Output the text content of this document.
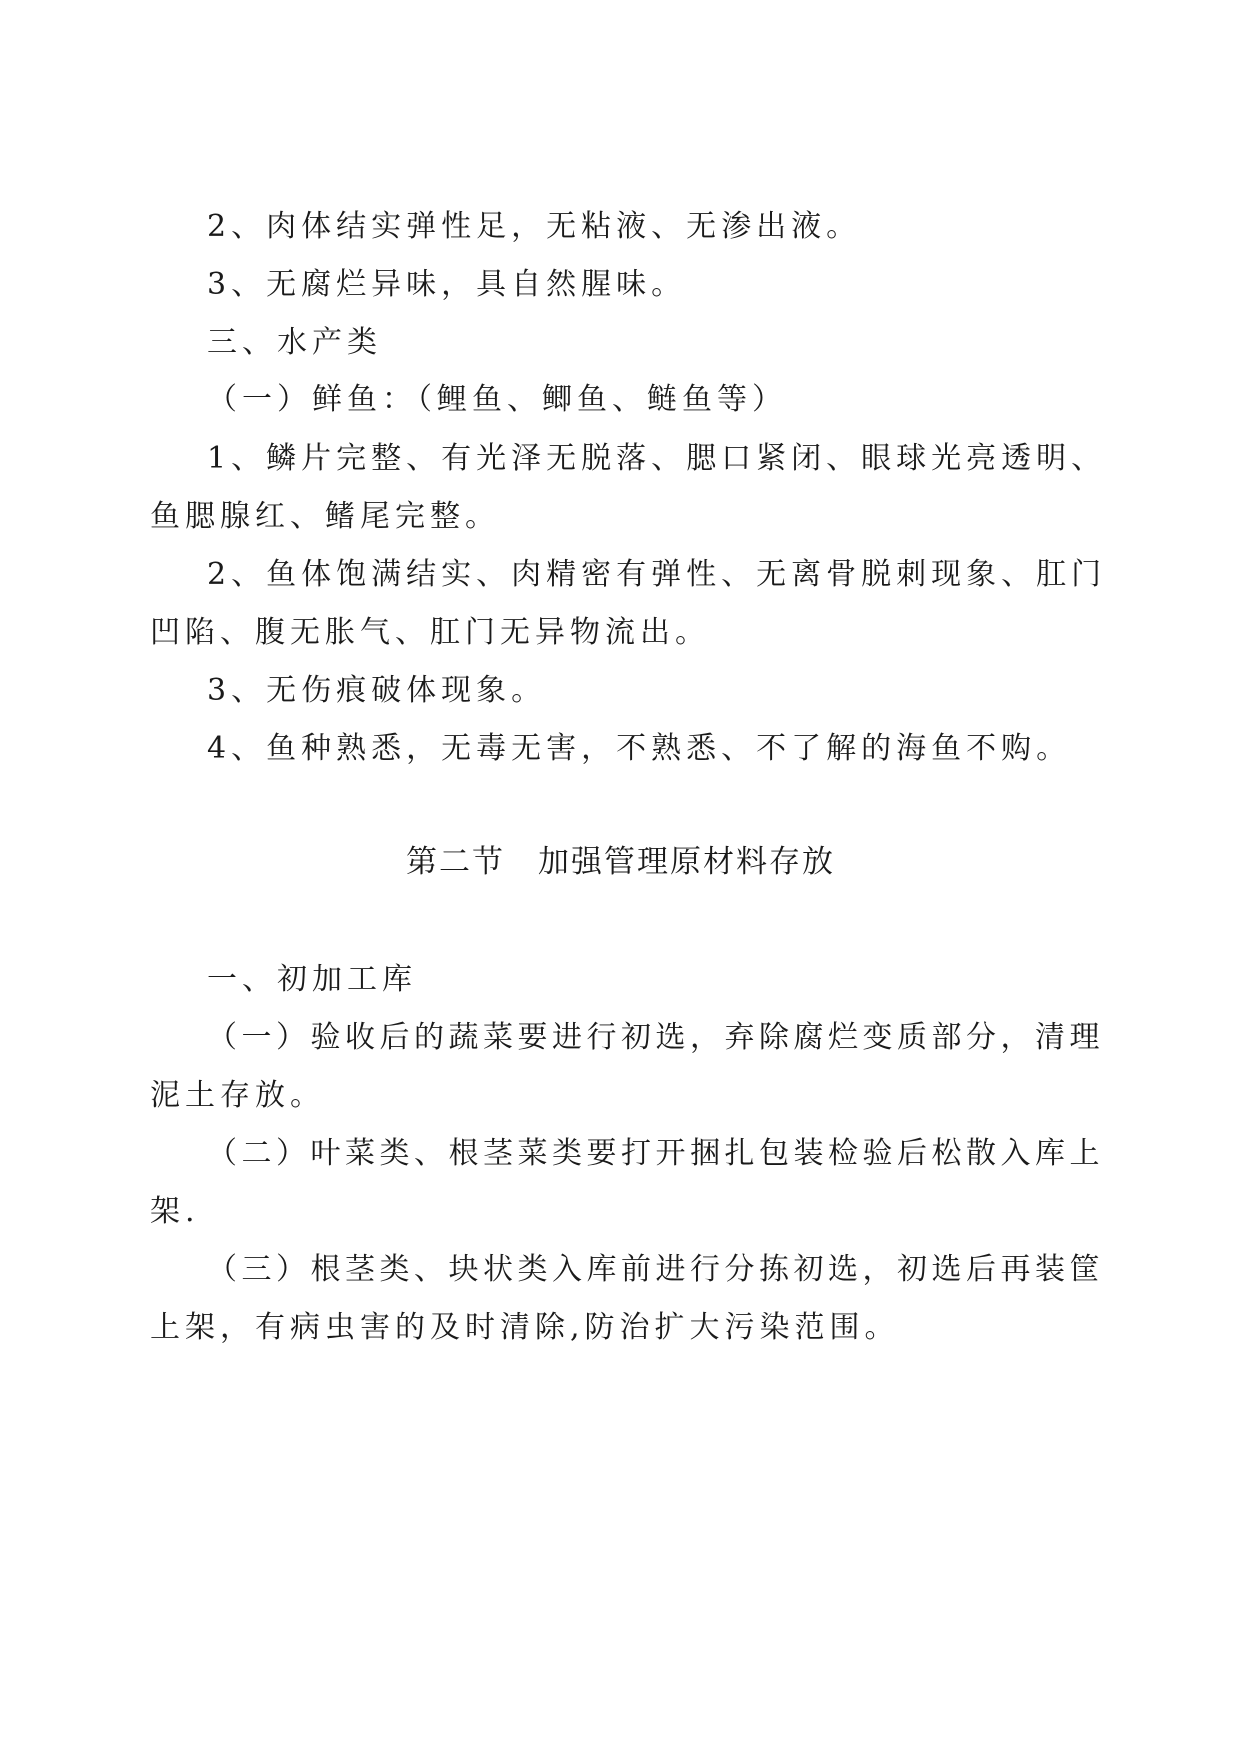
2、肉体结实弹性足，无粘液、无渗出液。
3、无腐烂异味，具自然腥味。
三、水产类
（一）鲜鱼：（鲤鱼、鲫鱼、鲢鱼等）
1、鳞片完整、有光泽无脱落、腮口紧闭、眼球光亮透明、
鱼腮腺红、鳍尾完整。
2、鱼体饱满结实、肉精密有弹性、无离骨脱刺现象、肛门
凹陷、腹无胀气、肛门无异物流出。
3、无伤痕破体现象。
4、鱼种熟悉，无毒无害，不熟悉、不了解的海鱼不购。
第二节　加强管理原材料存放
一、初加工库
（一）验收后的蔬菜要进行初选，弃除腐烂变质部分，清理
泥土存放。
（二）叶菜类、根茎菜类要打开捆扎包装检验后松散入库上
架.
（三）根茎类、块状类入库前进行分拣初选，初选后再装筐
上架，有病虫害的及时清除,防治扩大污染范围。
